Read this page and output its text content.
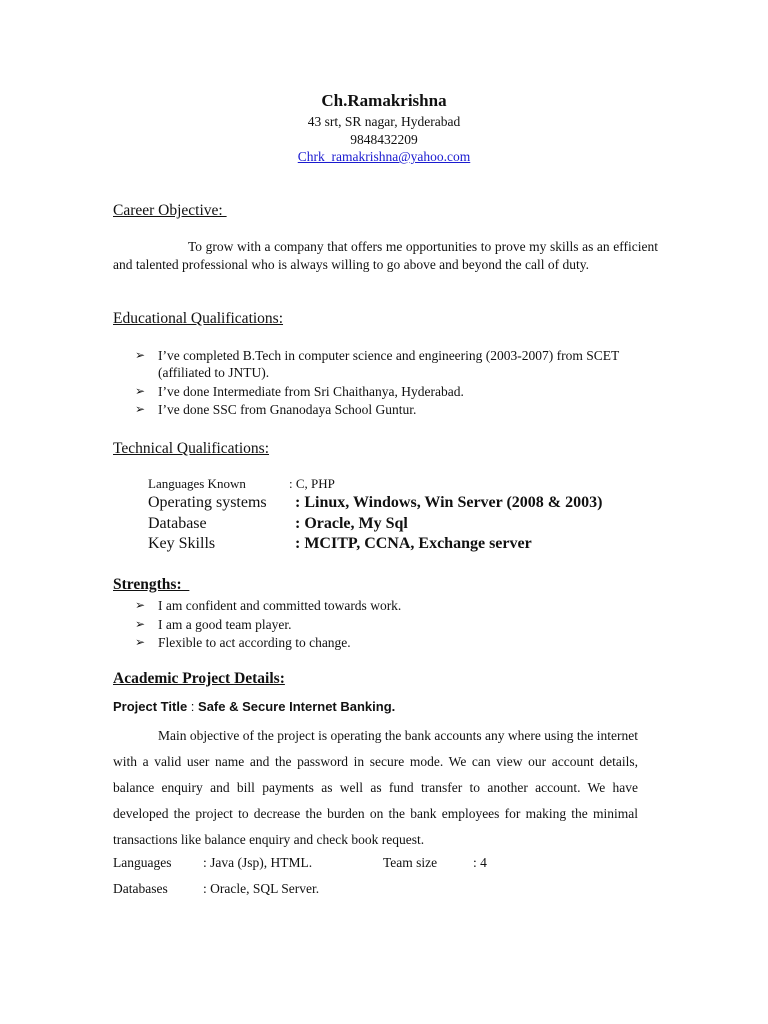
Ch.Ramakrishna
43 srt, SR nagar, Hyderabad
9848432209
Chrk_ramakrishna@yahoo.com
Career Objective:
To grow with a company that offers me opportunities to prove my skills as an efficient and talented professional who is always willing to go above and beyond the call of duty.
Educational Qualifications:
➢ I’ve completed B.Tech in computer science and engineering (2003-2007) from SCET (affiliated to JNTU).
➢ I’ve done Intermediate from Sri Chaithanya, Hyderabad.
➢ I’ve done SSC from Gnanodaya School Guntur.
Technical Qualifications:
Languages Known	: C, PHP
Operating systems : Linux, Windows, Win Server (2008 & 2003)
Database	: Oracle, My Sql
Key Skills	: MCITP, CCNA, Exchange server
Strengths:
➢ I am confident and committed towards work.
➢ I am a good team player.
➢ Flexible to act according to change.
Academic Project Details:
Project Title : Safe & Secure Internet Banking.
Main objective of the project is operating the bank accounts any where using the internet with a valid user name and the password in secure mode. We can view our account details, balance enquiry and bill payments as well as fund transfer to another account. We have developed the project to decrease the burden on the bank employees for making the minimal transactions like balance enquiry and check book request.
Languages : Java (Jsp), HTML.	Team size	: 4
Databases	: Oracle, SQL Server.
